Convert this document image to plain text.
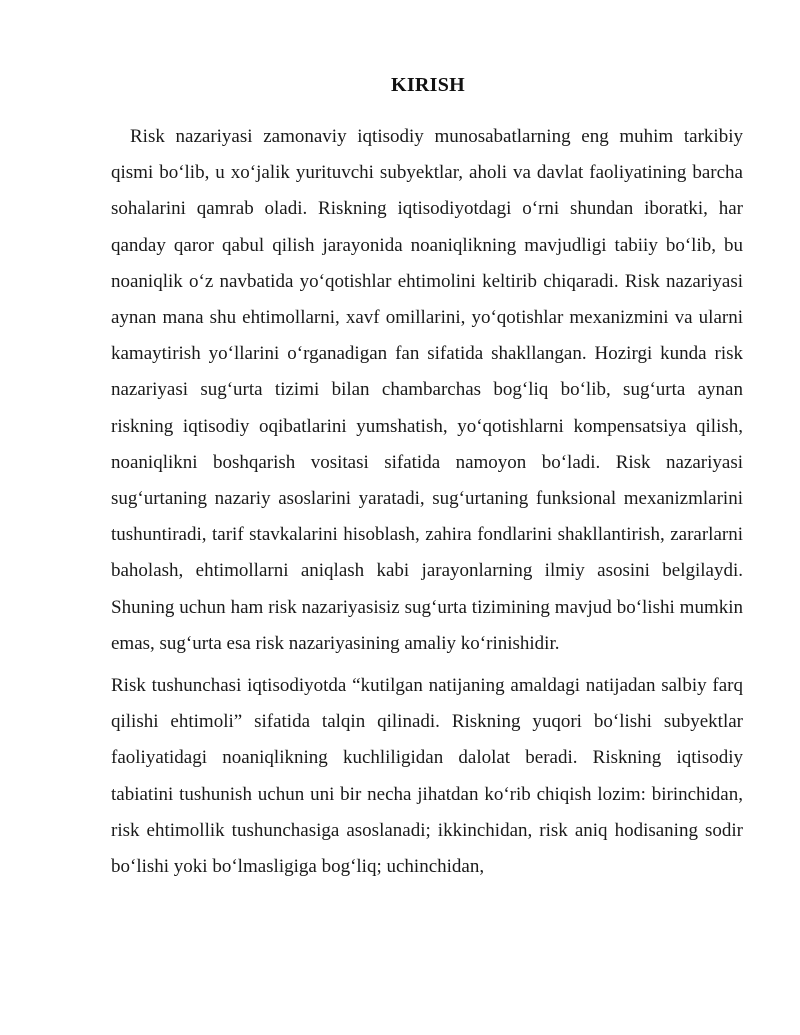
KIRISH

Risk nazariyasi zamonaviy iqtisodiy munosabatlarning eng muhim tarkibiy qismi bo‘lib, u xo‘jalik yurituvchi subyektlar, aholi va davlat faoliyatining barcha sohalarini qamrab oladi. Riskning iqtisodiyotdagi o‘rni shundan iboratki, har qanday qaror qabul qilish jarayonida noaniqlikning mavjudligi tabiiy bo‘lib, bu noaniqlik o‘z navbatida yo‘qotishlar ehtimolini keltirib chiqaradi. Risk nazariyasi aynan mana shu ehtimollarni, xavf omillarini, yo‘qotishlar mexanizmini va ularni kamaytirish yo‘llarini o‘rganadigan fan sifatida shakllangan. Hozirgi kunda risk nazariyasi sug‘urta tizimi bilan chambarchas bog‘liq bo‘lib, sug‘urta aynan riskning iqtisodiy oqibatlarini yumshatish, yo‘qotishlarni kompensatsiya qilish, noaniqlikni boshqarish vositasi sifatida namoyon bo‘ladi. Risk nazariyasi sug‘urtaning nazariy asoslarini yaratadi, sug‘urtaning funksional mexanizmlarini tushuntiradi, tarif stavkalarini hisoblash, zahira fondlarini shakllantirish, zararlarni baholash, ehtimollarni aniqlash kabi jarayonlarning ilmiy asosini belgilaydi. Shuning uchun ham risk nazariyasisiz sug‘urta tizimining mavjud bo‘lishi mumkin emas, sug‘urta esa risk nazariyasining amaliy ko‘rinishidir.

Risk tushunchasi iqtisodiyotda “kutilgan natijaning amaldagi natijadan salbiy farq qilishi ehtimoli” sifatida talqin qilinadi. Riskning yuqori bo‘lishi subyektlar faoliyatidagi noaniqlikning kuchliligidan dalolat beradi. Riskning iqtisodiy tabiatini tushunish uchun uni bir necha jihatdan ko‘rib chiqish lozim: birinchidan, risk ehtimollik tushunchasiga asoslanadi; ikkinchidan, risk aniq hodisaning sodir bo‘lishi yoki bo‘lmasligiga bog‘liq; uchinchidan,
